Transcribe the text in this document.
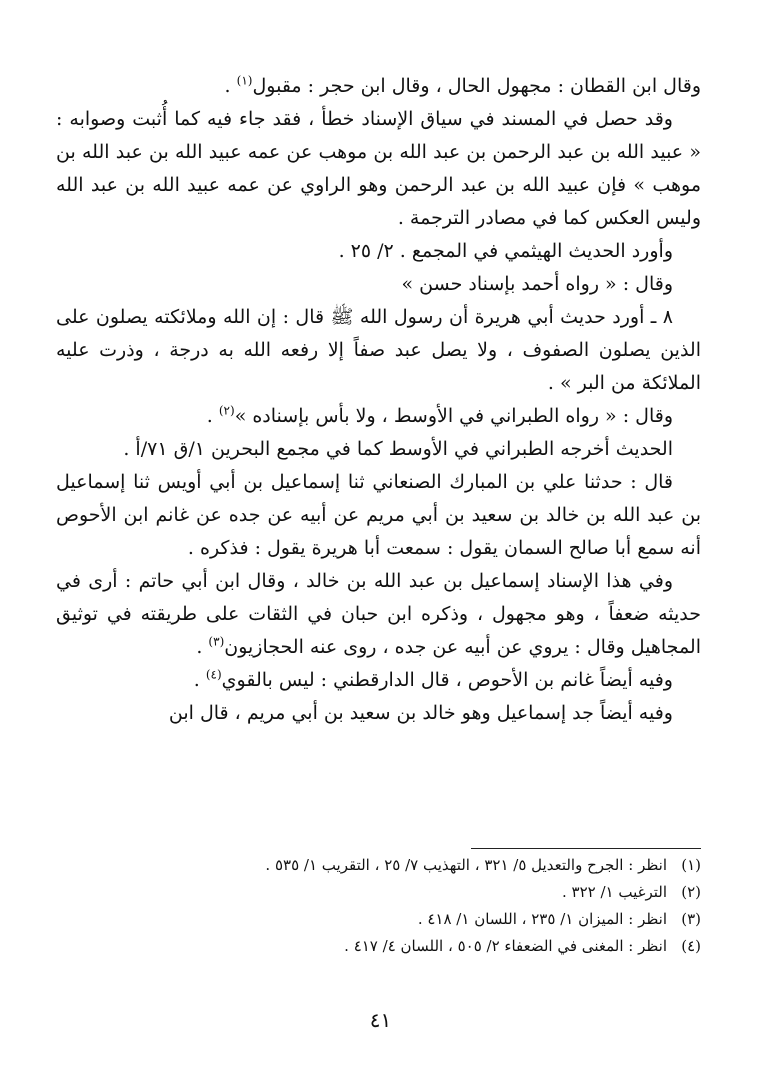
وقال ابن القطان : مجهول الحال ، وقال ابن حجر : مقبول$^{(١)}$ .

وقد حصل في المسند في سياق الإسناد خطأ ، فقد جاء فيه كما أُثبت وصوابه : « عبيد الله بن عبد الرحمن بن عبد الله بن موهب عن عمه عبيد الله بن عبد الله بن موهب » فإن عبيد الله بن عبد الرحمن وهو الراوي عن عمه عبيد الله بن عبد الله وليس العكس كما في مصادر الترجمة .

وأورد الحديث الهيثمي في المجمع . ٢/ ٢٥ .

وقال : « رواه أحمد بإسناد حسن »

٨ ـ أورد حديث أبي هريرة أن رسول الله ﷺ قال : إن الله وملائكته يصلون على الذين يصلون الصفوف ، ولا يصل عبد صفاً إلا رفعه الله به درجة ، وذرت عليه الملائكة من البر » .

وقال : « رواه الطبراني في الأوسط ، ولا بأس بإسناده »$^{(٢)}$ .

الحديث أخرجه الطبراني في الأوسط كما في مجمع البحرين ١/ق ٧١/أ .

قال : حدثنا علي بن المبارك الصنعاني ثنا إسماعيل بن أبي أويس ثنا إسماعيل بن عبد الله بن خالد بن سعيد بن أبي مريم عن أبيه عن جده عن غانم ابن الأحوص أنه سمع أبا صالح السمان يقول : سمعت أبا هريرة يقول : فذكره .

وفي هذا الإسناد إسماعيل بن عبد الله بن خالد ، وقال ابن أبي حاتم : أرى في حديثه ضعفاً ، وهو مجهول ، وذكره ابن حبان في الثقات على طريقته في توثيق المجاهيل وقال : يروي عن أبيه عن جده ، روى عنه الحجازيون$^{(٣)}$ .

وفيه أيضاً غانم بن الأحوص ، قال الدارقطني : ليس بالقوي$^{(٤)}$ .

وفيه أيضاً جد إسماعيل وهو خالد بن سعيد بن أبي مريم ، قال ابن

(١)انظر : الجرح والتعديل ٥/ ٣٢١ ، التهذيب ٧/ ٢٥ ، التقريب ١/ ٥٣٥ .

(٢)الترغيب ١/ ٣٢٢ .

(٣)انظر : الميزان ١/ ٢٣٥ ، اللسان ١/ ٤١٨ .

(٤)انظر : المغنى في الضعفاء ٢/ ٥٠٥ ، اللسان ٤/ ٤١٧ .

٤١
